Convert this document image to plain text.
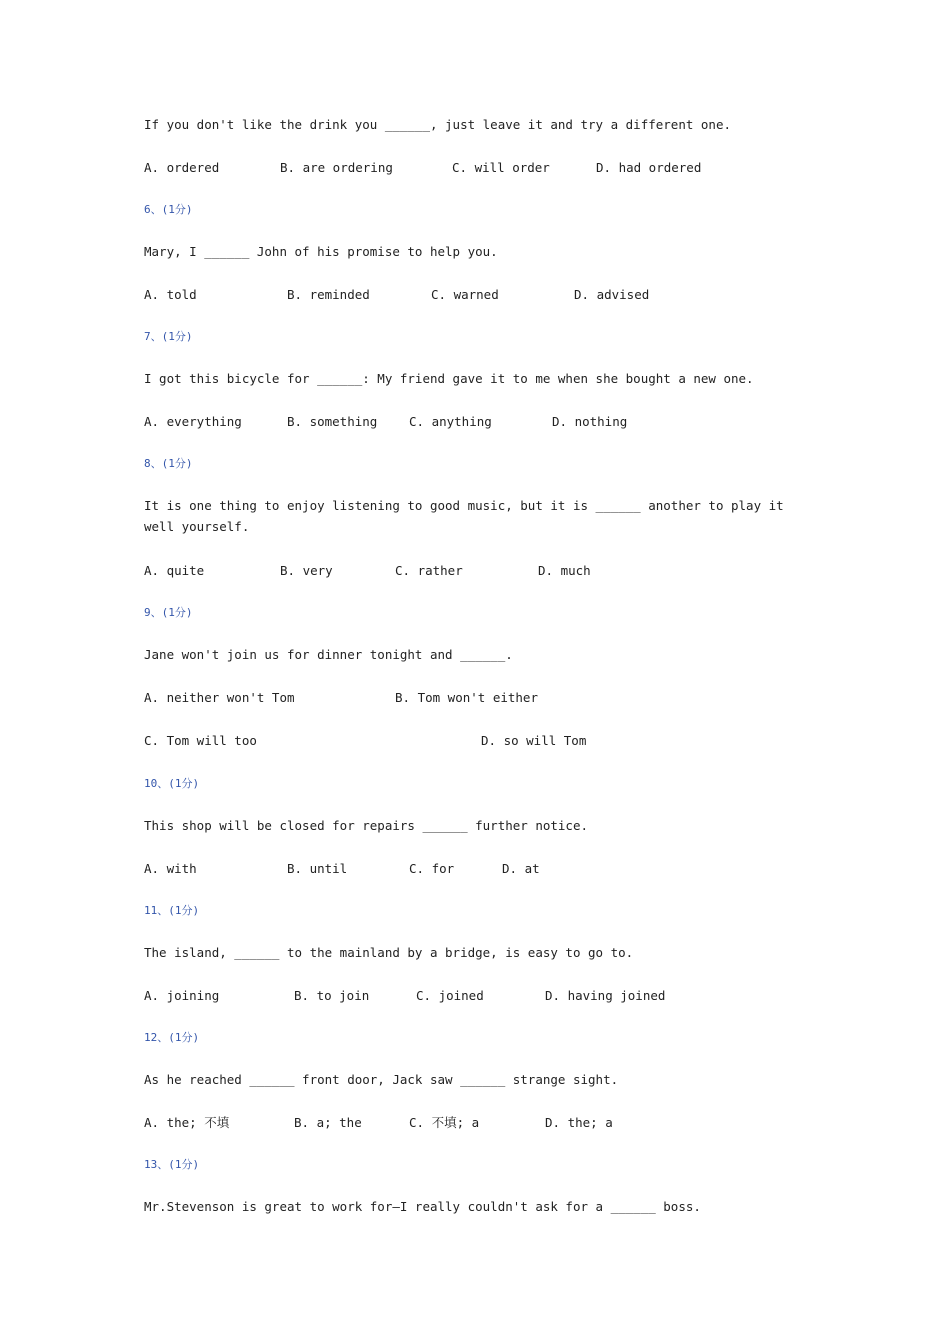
If you don't like the drink you ______, just leave it and try a different one.
A. ordered	B. are ordering	C. will order	D. had ordered
6、(1分)
Mary, I ______ John of his promise to help you.
A. told	B. reminded	C. warned	D. advised
7、(1分)
I got this bicycle for ______: My friend gave it to me when she bought a new one.
A. everything	B. something	C. anything	D. nothing
8、(1分)
It is one thing to enjoy listening to good music, but it is ______ another to play it well yourself.
A. quite	B. very	C. rather	D. much
9、(1分)
Jane won't join us for dinner tonight and ______.
A. neither won't Tom	B. Tom won't either
C. Tom will too	D. so will Tom
10、(1分)
This shop will be closed for repairs ______ further notice.
A. with	B. until	C. for	D. at
11、(1分)
The island, ______ to the mainland by a bridge, is easy to go to.
A. joining	B. to join	C. joined	D. having joined
12、(1分)
As he reached ______ front door, Jack saw ______ strange sight.
A. the; 不填	B. a; the	C. 不填; a	D. the; a
13、(1分)
Mr.Stevenson is great to work for—I really couldn't ask for a ______ boss.
